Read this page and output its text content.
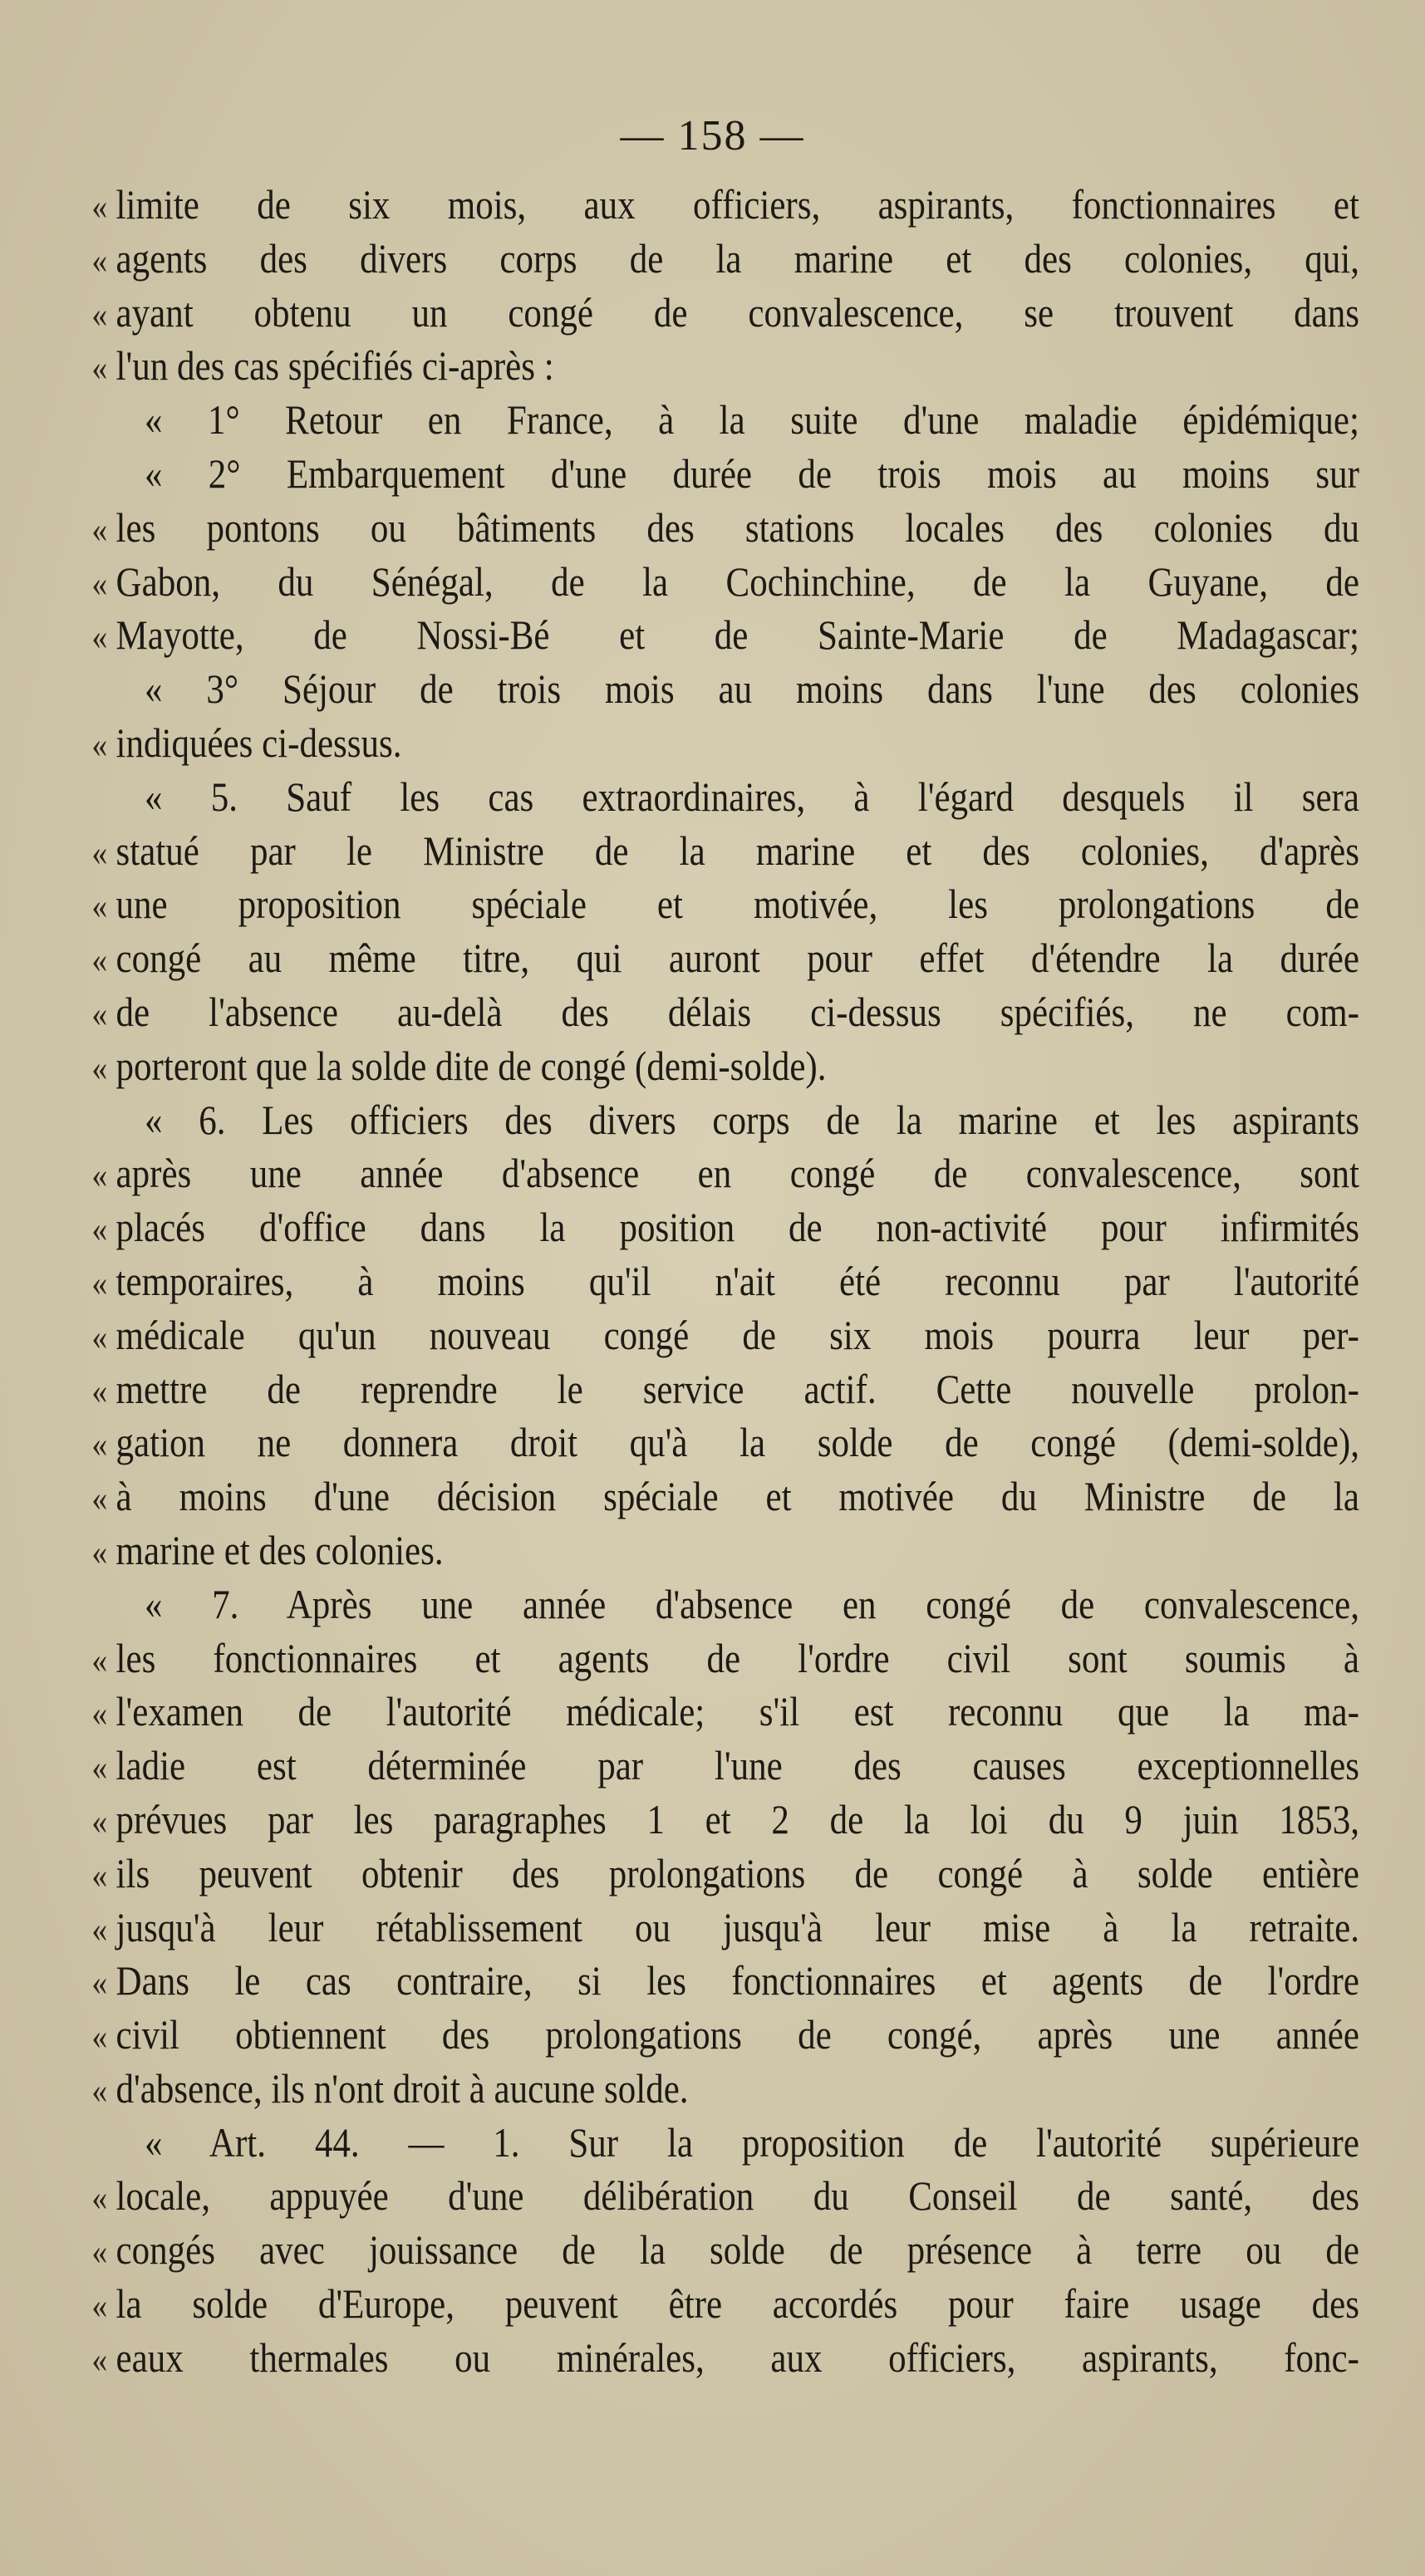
— 158 —
« limite de six mois, aux officiers, aspirants, fonctionnaires et
« agents des divers corps de la marine et des colonies, qui,
« ayant obtenu un congé de convalescence, se trouvent dans
« l'un des cas spécifiés ci-après :
« 1° Retour en France, à la suite d'une maladie épidémique;
« 2° Embarquement d'une durée de trois mois au moins sur
« les pontons ou bâtiments des stations locales des colonies du
« Gabon, du Sénégal, de la Cochinchine, de la Guyane, de
« Mayotte, de Nossi-Bé et de Sainte-Marie de Madagascar;
« 3° Séjour de trois mois au moins dans l'une des colonies
« indiquées ci-dessus.
« 5. Sauf les cas extraordinaires, à l'égard desquels il sera
« statué par le Ministre de la marine et des colonies, d'après
« une proposition spéciale et motivée, les prolongations de
« congé au même titre, qui auront pour effet d'étendre la durée
« de l'absence au-delà des délais ci-dessus spécifiés, ne com-
« porteront que la solde dite de congé (demi-solde).
« 6. Les officiers des divers corps de la marine et les aspirants
« après une année d'absence en congé de convalescence, sont
« placés d'office dans la position de non-activité pour infirmités
« temporaires, à moins qu'il n'ait été reconnu par l'autorité
« médicale qu'un nouveau congé de six mois pourra leur per-
« mettre de reprendre le service actif. Cette nouvelle prolon-
« gation ne donnera droit qu'à la solde de congé (demi-solde),
« à moins d'une décision spéciale et motivée du Ministre de la
« marine et des colonies.
« 7. Après une année d'absence en congé de convalescence,
« les fonctionnaires et agents de l'ordre civil sont soumis à
« l'examen de l'autorité médicale; s'il est reconnu que la ma-
« ladie est déterminée par l'une des causes exceptionnelles
« prévues par les paragraphes 1 et 2 de la loi du 9 juin 1853,
« ils peuvent obtenir des prolongations de congé à solde entière
« jusqu'à leur rétablissement ou jusqu'à leur mise à la retraite.
« Dans le cas contraire, si les fonctionnaires et agents de l'ordre
« civil obtiennent des prolongations de congé, après une année
« d'absence, ils n'ont droit à aucune solde.
« Art. 44. — 1. Sur la proposition de l'autorité supérieure
« locale, appuyée d'une délibération du Conseil de santé, des
« congés avec jouissance de la solde de présence à terre ou de
« la solde d'Europe, peuvent être accordés pour faire usage des
« eaux thermales ou minérales, aux officiers, aspirants, fonc-
